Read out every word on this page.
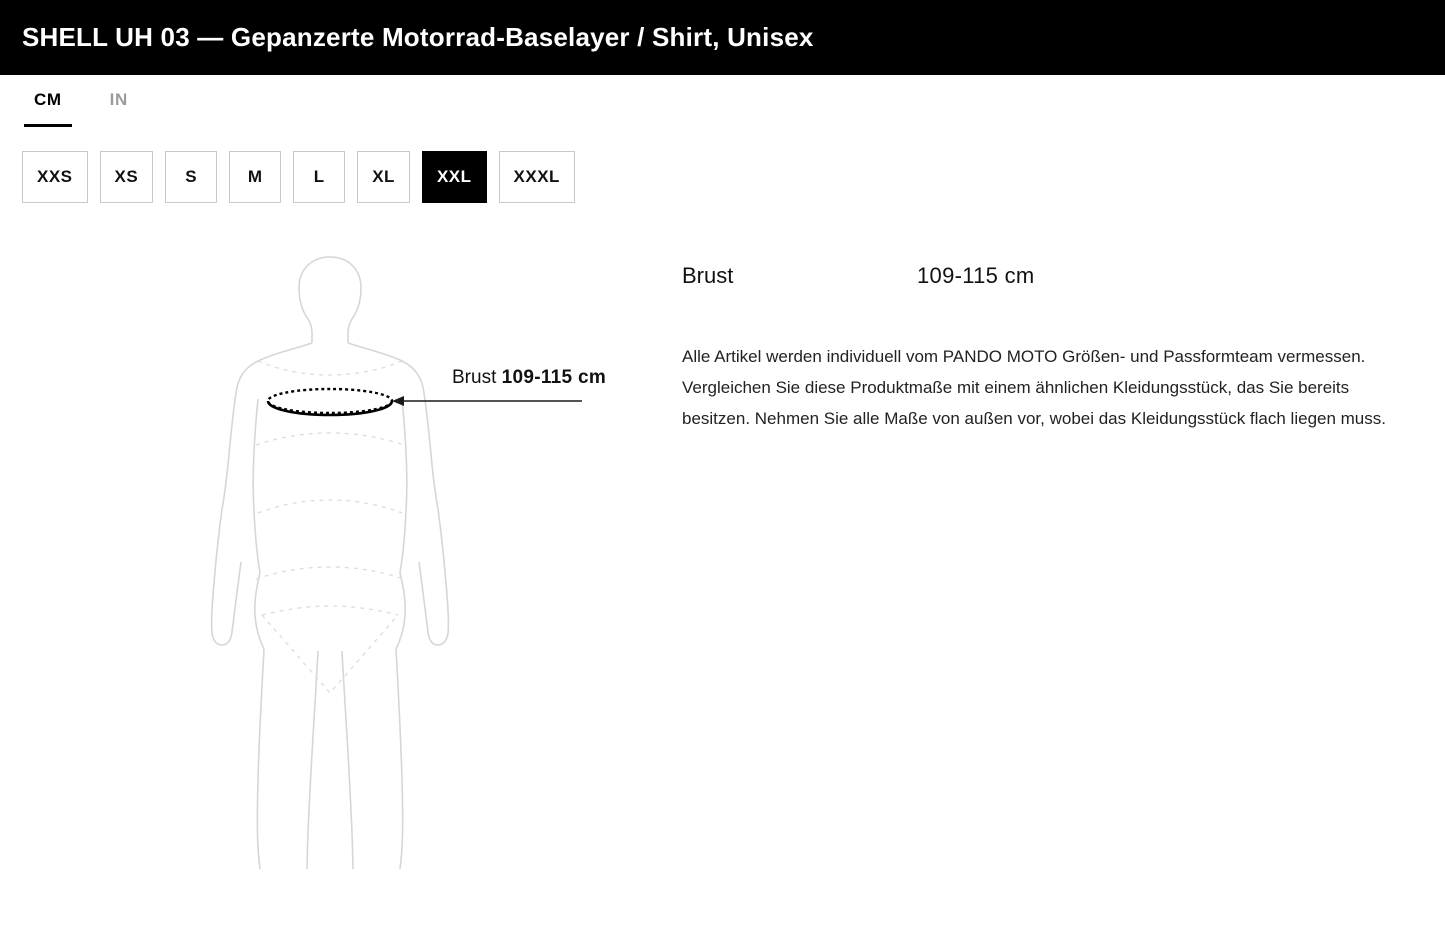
SHELL UH 03 — Gepanzerte Motorrad-Baselayer / Shirt, Unisex
CM	IN
XXS	XS	S	M	L	XL	XXL	XXXL
Brust 109-115 cm
Brust	109-115 cm
Alle Artikel werden individuell vom PANDO MOTO Größen- und Passformteam vermessen. Vergleichen Sie diese Produktmaße mit einem ähnlichen Kleidungsstück, das Sie bereits besitzen. Nehmen Sie alle Maße von außen vor, wobei das Kleidungsstück flach liegen muss.
